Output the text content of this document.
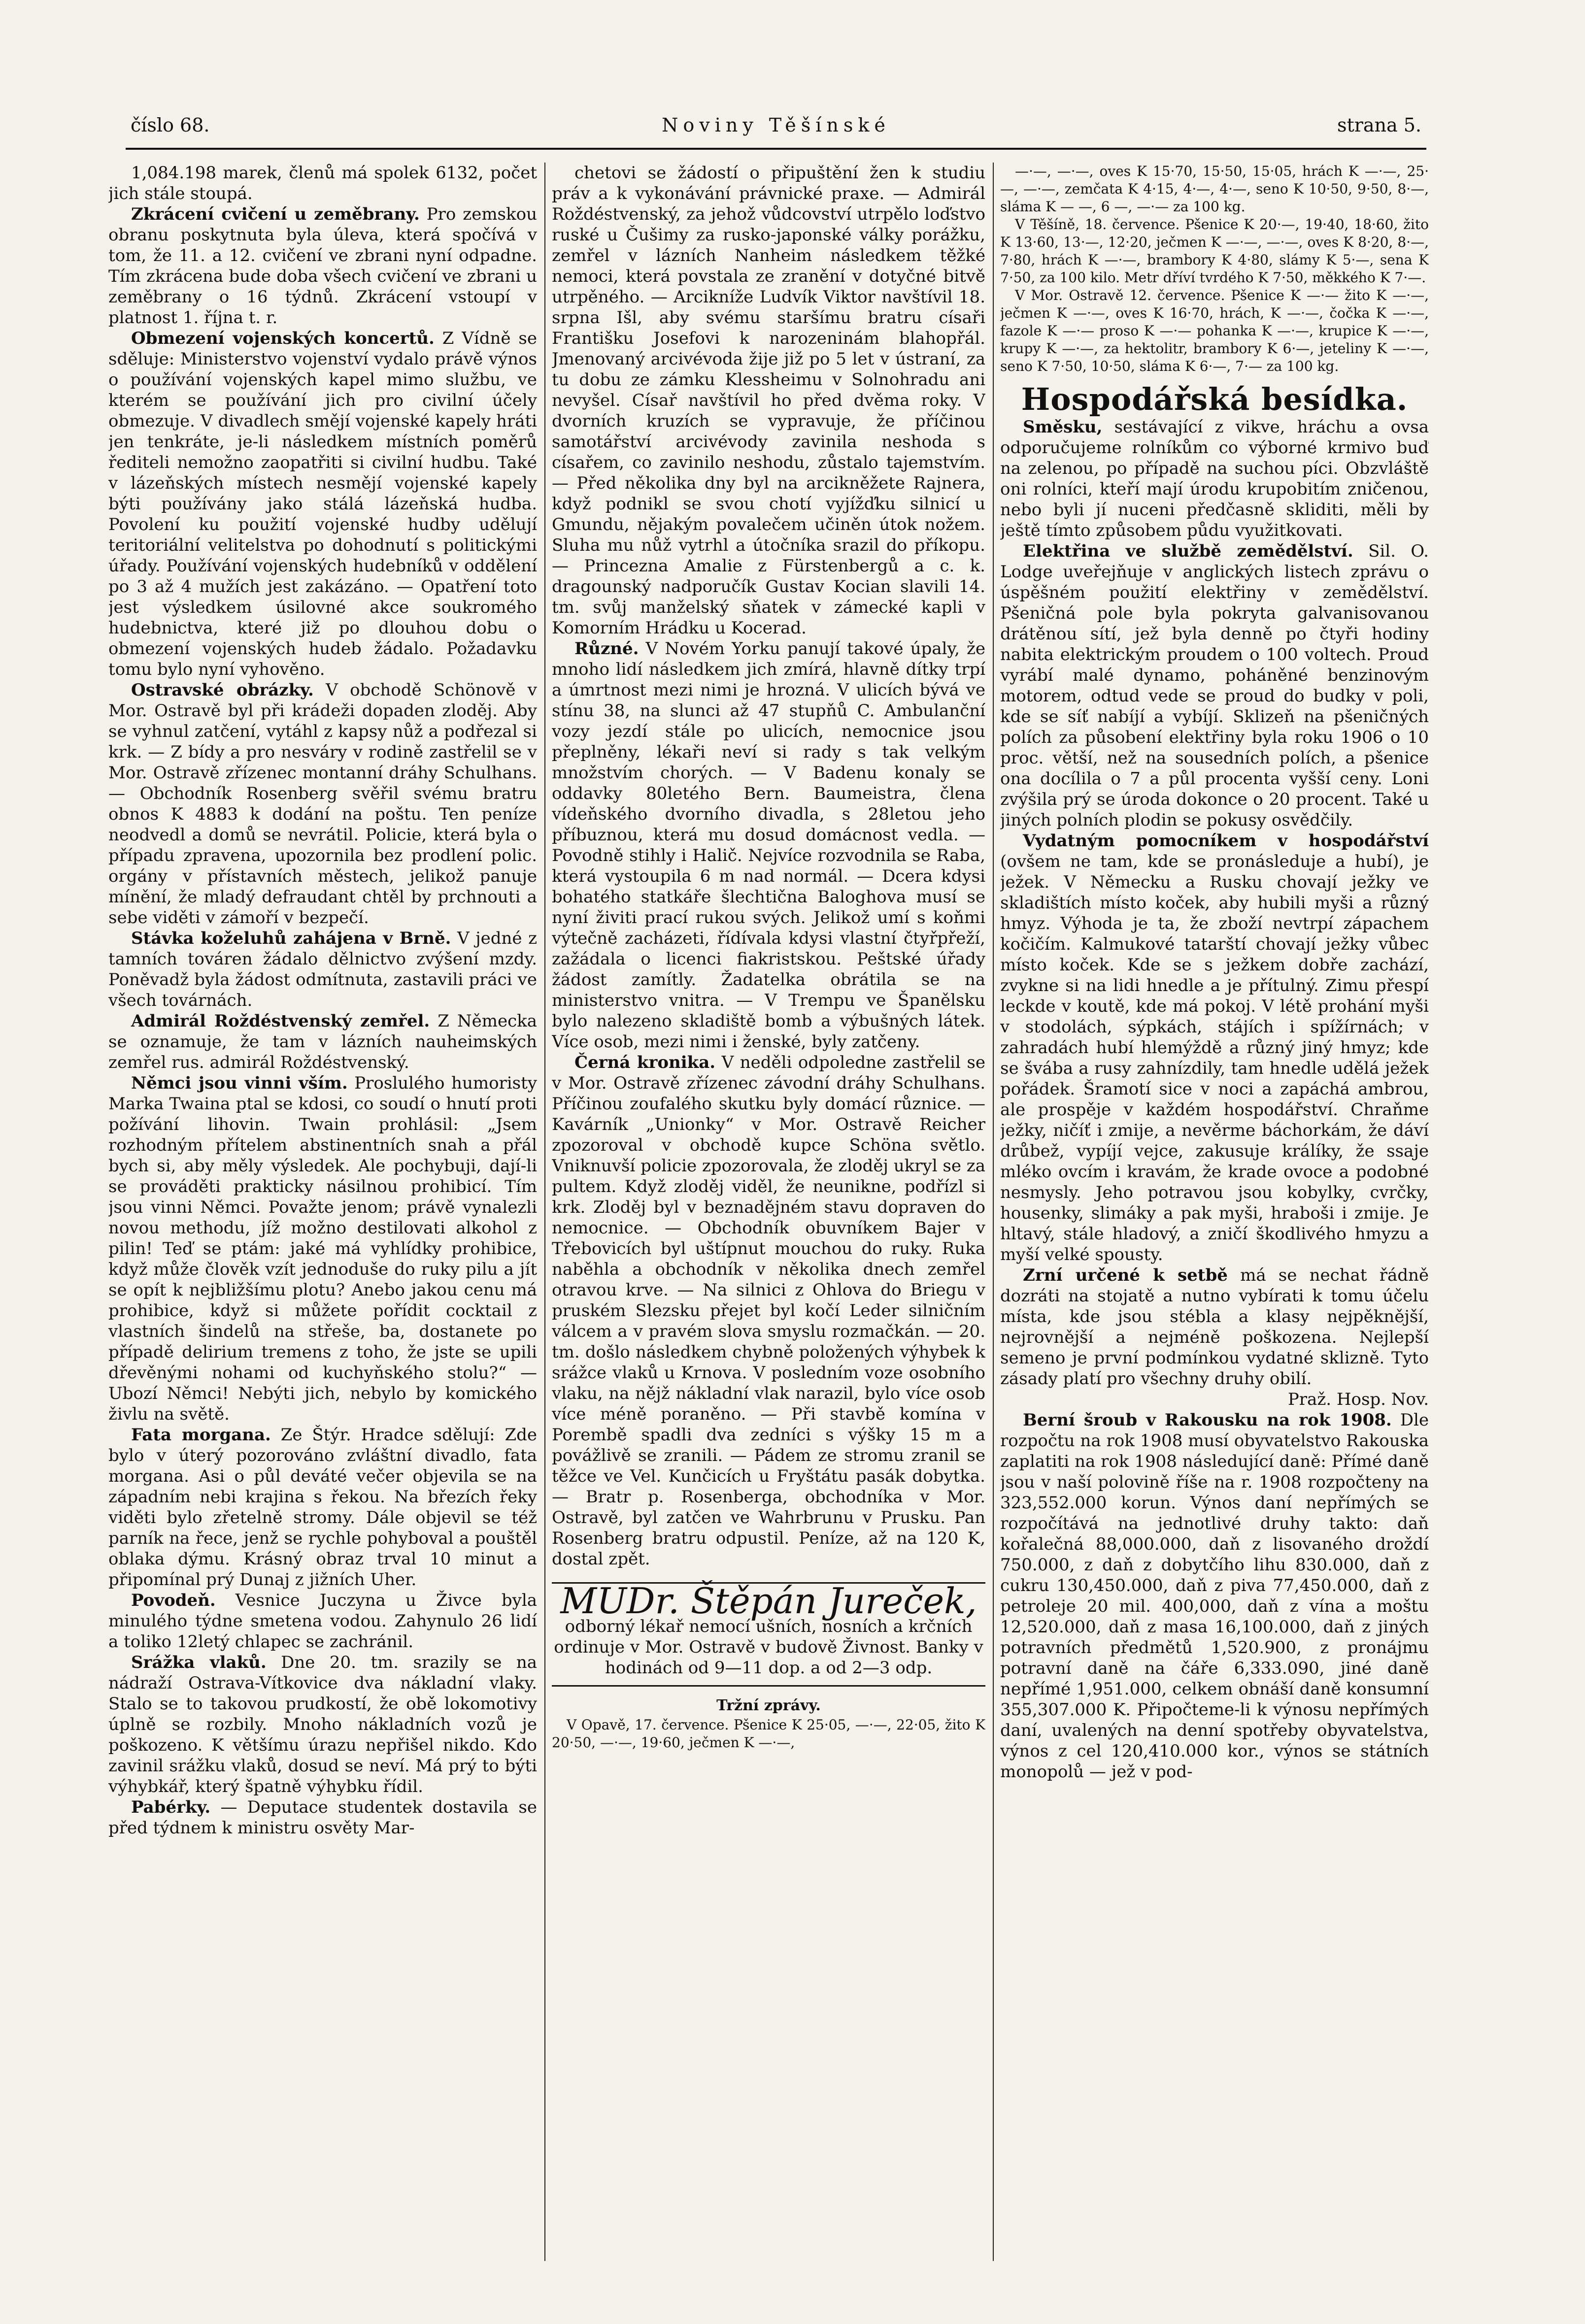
číslo 68.	Noviny Těšínské	strana 5.

1,084.198 marek, členů má spolek 6132, počet jich stále stoupá.

Zkrácení cvičení u zeměbrany. Pro zemskou obranu poskytnuta byla úleva, která spočívá v tom, že 11. a 12. cvičení ve zbrani nyní odpadne. Tím zkrácena bude doba všech cvičení ve zbrani u zeměbrany o 16 týdnů. Zkrácení vstoupí v platnost 1. října t. r.

Obmezení vojenských koncertů. Z Vídně se sděluje: Ministerstvo vojenství vydalo právě výnos o používání vojenských kapel mimo službu, ve kterém se používání jich pro civilní účely obmezuje. V divadlech smějí vojenské kapely hráti jen tenkráte, je-li následkem místních poměrů řediteli nemožno zaopatřiti si civilní hudbu. Také v lázeňských místech nesmějí vojenské kapely býti používány jako stálá lázeňská hudba. Povolení ku použití vojenské hudby udělují teritoriální velitelstva po dohodnutí s politickými úřady. Používání vojenských hudebníků v oddělení po 3 až 4 mužích jest zakázáno. — Opatření toto jest výsledkem úsilovné akce soukromého hudebnictva, které již po dlouhou dobu o obmezení vojenských hudeb žádalo. Požadavku tomu bylo nyní vyhověno.

Ostravské obrázky. V obchodě Schönově v Mor. Ostravě byl při krádeži dopaden zloděj. Aby se vyhnul zatčení, vytáhl z kapsy nůž a podřezal si krk. — Z bídy a pro nesváry v rodině zastřelil se v Mor. Ostravě zřízenec montanní dráhy Schulhans. — Obchodník Rosenberg svěřil svému bratru obnos K 4883 k dodání na poštu. Ten peníze neodvedl a domů se nevrátil. Policie, která byla o případu zpravena, upozornila bez prodlení polic. orgány v přístavních městech, jelikož panuje mínění, že mladý defraudant chtěl by prchnouti a sebe viděti v zámoří v bezpečí.

Stávka koželuhů zahájena v Brně. V jedné z tamních továren žádalo dělnictvo zvýšení mzdy. Poněvadž byla žádost odmítnuta, zastavili práci ve všech továrnách.

Admirál Roždéstvenský zemřel. Z Německa se oznamuje, že tam v lázních nauheimských zemřel rus. admirál Roždéstvenský.

Němci jsou vinni vším. Proslulého humoristy Marka Twaina ptal se kdosi, co soudí o hnutí proti požívání lihovin. Twain prohlásil: „Jsem rozhodným přítelem abstinentních snah a přál bych si, aby měly výsledek. Ale pochybuji, dají-li se prováděti prakticky násilnou prohibicí. Tím jsou vinni Němci. Považte jenom; právě vynalezli novou methodu, jíž možno destilovati alkohol z pilin! Teď se ptám: jaké má vyhlídky prohibice, když může člověk vzít jednoduše do ruky pilu a jít se opít k nejbližšímu plotu? Anebo jakou cenu má prohibice, když si můžete pořídit cocktail z vlastních šindelů na střeše, ba, dostanete po případě delirium tremens z toho, že jste se upili dřevěnými nohami od kuchyňského stolu?“ — Ubozí Němci! Nebýti jich, nebylo by komického živlu na světě.

Fata morgana. Ze Štýr. Hradce sdělují: Zde bylo v úterý pozorováno zvláštní divadlo, fata morgana. Asi o půl deváté večer objevila se na západním nebi krajina s řekou. Na březích řeky viděti bylo zřetelně stromy. Dále objevil se též parník na řece, jenž se rychle pohyboval a pouštěl oblaka dýmu. Krásný obraz trval 10 minut a připomínal prý Dunaj z jižních Uher.

Povodeň. Vesnice Juczyna u Živce byla minulého týdne smetena vodou. Zahynulo 26 lidí a toliko 12letý chlapec se zachránil.

Srážka vlaků. Dne 20. tm. srazily se na nádraží Ostrava-Vítkovice dva nákladní vlaky. Stalo se to takovou prudkostí, že obě lokomotivy úplně se rozbily. Mnoho nákladních vozů je poškozeno. K většímu úrazu nepřišel nikdo. Kdo zavinil srážku vlaků, dosud se neví. Má prý to býti výhybkář, který špatně výhybku řídil.

Pabérky. — Deputace studentek dostavila se před týdnem k ministru osvěty Mar-

chetovi se žádostí o připuštění žen k studiu práv a k vykonávání právnické praxe. — Admirál Roždéstvenský, za jehož vůdcovství utrpělo loďstvo ruské u Čušimy za rusko-japonské války porážku, zemřel v lázních Nanheim následkem těžké nemoci, která povstala ze zranění v dotyčné bitvě utrpěného. — Arcikníže Ludvík Viktor navštívil 18. srpna Išl, aby svému staršímu bratru císaři Františku Josefovi k narozeninám blahopřál. Jmenovaný arcivévoda žije již po 5 let v ústraní, za tu dobu ze zámku Klessheimu v Solnohradu ani nevyšel. Císař navštívil ho před dvěma roky. V dvorních kruzích se vypravuje, že příčinou samotářství arcivévody zavinila neshoda s císařem, co zavinilo neshodu, zůstalo tajemstvím. — Před několika dny byl na arcikněžete Rajnera, když podnikl se svou chotí vyjížďku silnicí u Gmundu, nějakým povalečem učiněn útok nožem. Sluha mu nůž vytrhl a útočníka srazil do příkopu. — Princezna Amalie z Fürstenbergů a c. k. dragounský nadporučík Gustav Kocian slavili 14. tm. svůj manželský sňatek v zámecké kapli v Komorním Hrádku u Kocerad.

Různé. V Novém Yorku panují takové úpaly, že mnoho lidí následkem jich zmírá, hlavně dítky trpí a úmrtnost mezi nimi je hrozná. V ulicích bývá ve stínu 38, na slunci až 47 stupňů C. Ambulanční vozy jezdí stále po ulicích, nemocnice jsou přeplněny, lékaři neví si rady s tak velkým množstvím chorých. — V Badenu konaly se oddavky 80letého Bern. Baumeistra, člena vídeňského dvorního divadla, s 28letou jeho příbuznou, která mu dosud domácnost vedla. — Povodně stihly i Halič. Nejvíce rozvodnila se Raba, která vystoupila 6 m nad normál. — Dcera kdysi bohatého statkáře šlechtična Baloghova musí se nyní živiti prací rukou svých. Jelikož umí s koňmi výtečně zacházeti, řídívala kdysi vlastní čtyřpřeží, zažádala o licenci fiakristskou. Peštské úřady žádost zamítly. Žadatelka obrátila se na ministerstvo vnitra. — V Trempu ve Španělsku bylo nalezeno skladiště bomb a výbušných látek. Více osob, mezi nimi i ženské, byly zatčeny.

Černá kronika. V neděli odpoledne zastřelil se v Mor. Ostravě zřízenec závodní dráhy Schulhans. Příčinou zoufalého skutku byly domácí různice. — Kavárník „Unionky“ v Mor. Ostravě Reicher zpozoroval v obchodě kupce Schöna světlo. Vniknuvší policie zpozorovala, že zloděj ukryl se za pultem. Když zloděj viděl, že neunikne, podřízl si krk. Zloděj byl v beznadějném stavu dopraven do nemocnice. — Obchodník obuvníkem Bajer v Třebovicích byl uštípnut mouchou do ruky. Ruka naběhla a obchodník v několika dnech zemřel otravou krve. — Na silnici z Ohlova do Briegu v pruském Slezsku přejet byl kočí Leder silničním válcem a v pravém slova smyslu rozmačkán. — 20. tm. došlo následkem chybně položených výhybek k srážce vlaků u Krnova. V posledním voze osobního vlaku, na nějž nákladní vlak narazil, bylo více osob více méně poraněno. — Při stavbě komína v Porembě spadli dva zedníci s výšky 15 m a povážlivě se zranili. — Pádem ze stromu zranil se těžce ve Vel. Kunčicích u Fryštátu pasák dobytka. — Bratr p. Rosenberga, obchodníka v Mor. Ostravě, byl zatčen ve Wahrbrunu v Prusku. Pan Rosenberg bratru odpustil. Peníze, až na 120 K, dostal zpět.

MUDr. Štěpán Jureček,

odborný lékař nemocí ušních, nosních a krčních ordinuje v Mor. Ostravě v budově Živnost. Banky v hodinách od 9—11 dop. a od 2—3 odp.

Tržní zprávy.

V Opavě, 17. července. Pšenice K 25·05, —·—, 22·05, žito K 20·50, —·—, 19·60, ječmen K —·—,

—·—, —·—, oves K 15·70, 15·50, 15·05, hrách K —·—, 25·—, —·—, zemčata K 4·15, 4·—, 4·—, seno K 10·50, 9·50, 8·—, sláma K — —, 6 —, —·— za 100 kg.

V Těšíně, 18. července. Pšenice K 20·—, 19·40, 18·60, žito K 13·60, 13·—, 12·20, ječmen K —·—, —·—, oves K 8·20, 8·—, 7·80, hrách K —·—, brambory K 4·80, slámy K 5·—, sena K 7·50, za 100 kilo. Metr dříví tvrdého K 7·50, měkkého K 7·—.

V Mor. Ostravě 12. července. Pšenice K —·— žito K —·—, ječmen K —·—, oves K 16·70, hrách, K —·—, čočka K —·—, fazole K —·— proso K —·— pohanka K —·—, krupice K —·—, krupy K —·—, za hektolitr, brambory K 6·—, jeteliny K —·—, seno K 7·50, 10·50, sláma K 6·—, 7·— za 100 kg.

Hospodářská besídka.

Směsku, sestávající z vikve, hráchu a ovsa odporučujeme rolníkům co výborné krmivo buď na zelenou, po případě na suchou píci. Obzvláště oni rolníci, kteří mají úrodu krupobitím zničenou, nebo byli jí nuceni předčasně skliditi, měli by ještě tímto způsobem půdu využitkovati.

Elektřina ve službě zemědělství. Sil. O. Lodge uveřejňuje v anglických listech zprávu o úspěšném použití elektřiny v zemědělství. Pšeničná pole byla pokryta galvanisovanou drátěnou sítí, jež byla denně po čtyři hodiny nabita elektrickým proudem o 100 voltech. Proud vyrábí malé dynamo, poháněné benzinovým motorem, odtud vede se proud do budky v poli, kde se síť nabíjí a vybíjí. Sklizeň na pšeničných polích za působení elektřiny byla roku 1906 o 10 proc. větší, než na sousedních polích, a pšenice ona docílila o 7 a půl procenta vyšší ceny. Loni zvýšila prý se úroda dokonce o 20 procent. Také u jiných polních plodin se pokusy osvědčily.

Vydatným pomocníkem v hospodářství (ovšem ne tam, kde se pronásleduje a hubí), je ježek. V Německu a Rusku chovají ježky ve skladištích místo koček, aby hubili myši a různý hmyz. Výhoda je ta, že zboží nevtrpí zápachem kočičím. Kalmukové tatarští chovají ježky vůbec místo koček. Kde se s ježkem dobře zachází, zvykne si na lidi hnedle a je přítulný. Zimu přespí leckde v koutě, kde má pokoj. V létě prohání myši v stodolách, sýpkách, stájích i spížírnách; v zahradách hubí hlemýždě a různý jiný hmyz; kde se švába a rusy zahnízdily, tam hnedle udělá ježek pořádek. Šramotí sice v noci a zapáchá ambrou, ale prospěje v každém hospodářství. Chraňme ježky, ničíť i zmije, a nevěrme báchorkám, že dáví drůbež, vypíjí vejce, zakusuje králíky, že ssaje mléko ovcím i kravám, že krade ovoce a podobné nesmysly. Jeho potravou jsou kobylky, cvrčky, housenky, slimáky a pak myši, hraboši i zmije. Je hltavý, stále hladový, a zničí škodlivého hmyzu a myší velké spousty.

Zrní určené k setbě má se nechat řádně dozráti na stojatě a nutno vybírati k tomu účelu místa, kde jsou stébla a klasy nejpěknější, nejrovnější a nejméně poškozena. Nejlepší semeno je první podmínkou vydatné sklizně. Tyto zásady platí pro všechny druhy obilí.

Praž. Hosp. Nov.

Berní šroub v Rakousku na rok 1908. Dle rozpočtu na rok 1908 musí obyvatelstvo Rakouska zaplatiti na rok 1908 následující daně: Přímé daně jsou v naší polovině říše na r. 1908 rozpočteny na 323,552.000 korun. Výnos daní nepřímých se rozpočítává na jednotlivé druhy takto: daň kořalečná 88,000.000, daň z lisovaného droždí 750.000, z daň z dobytčího lihu 830.000, daň z cukru 130,450.000, daň z piva 77,450.000, daň z petroleje 20 mil. 400,000, daň z vína a moštu 12,520.000, daň z masa 16,100.000, daň z jiných potravních předmětů 1,520.900, z pronájmu potravní daně na čáře 6,333.090, jiné daně nepřímé 1,951.000, celkem obnáší daně konsumní 355,307.000 K. Připočteme-li k výnosu nepřímých daní, uvalených na denní spotřeby obyvatelstva, výnos z cel 120,410.000 kor., výnos se státních monopolů — jež v pod-
